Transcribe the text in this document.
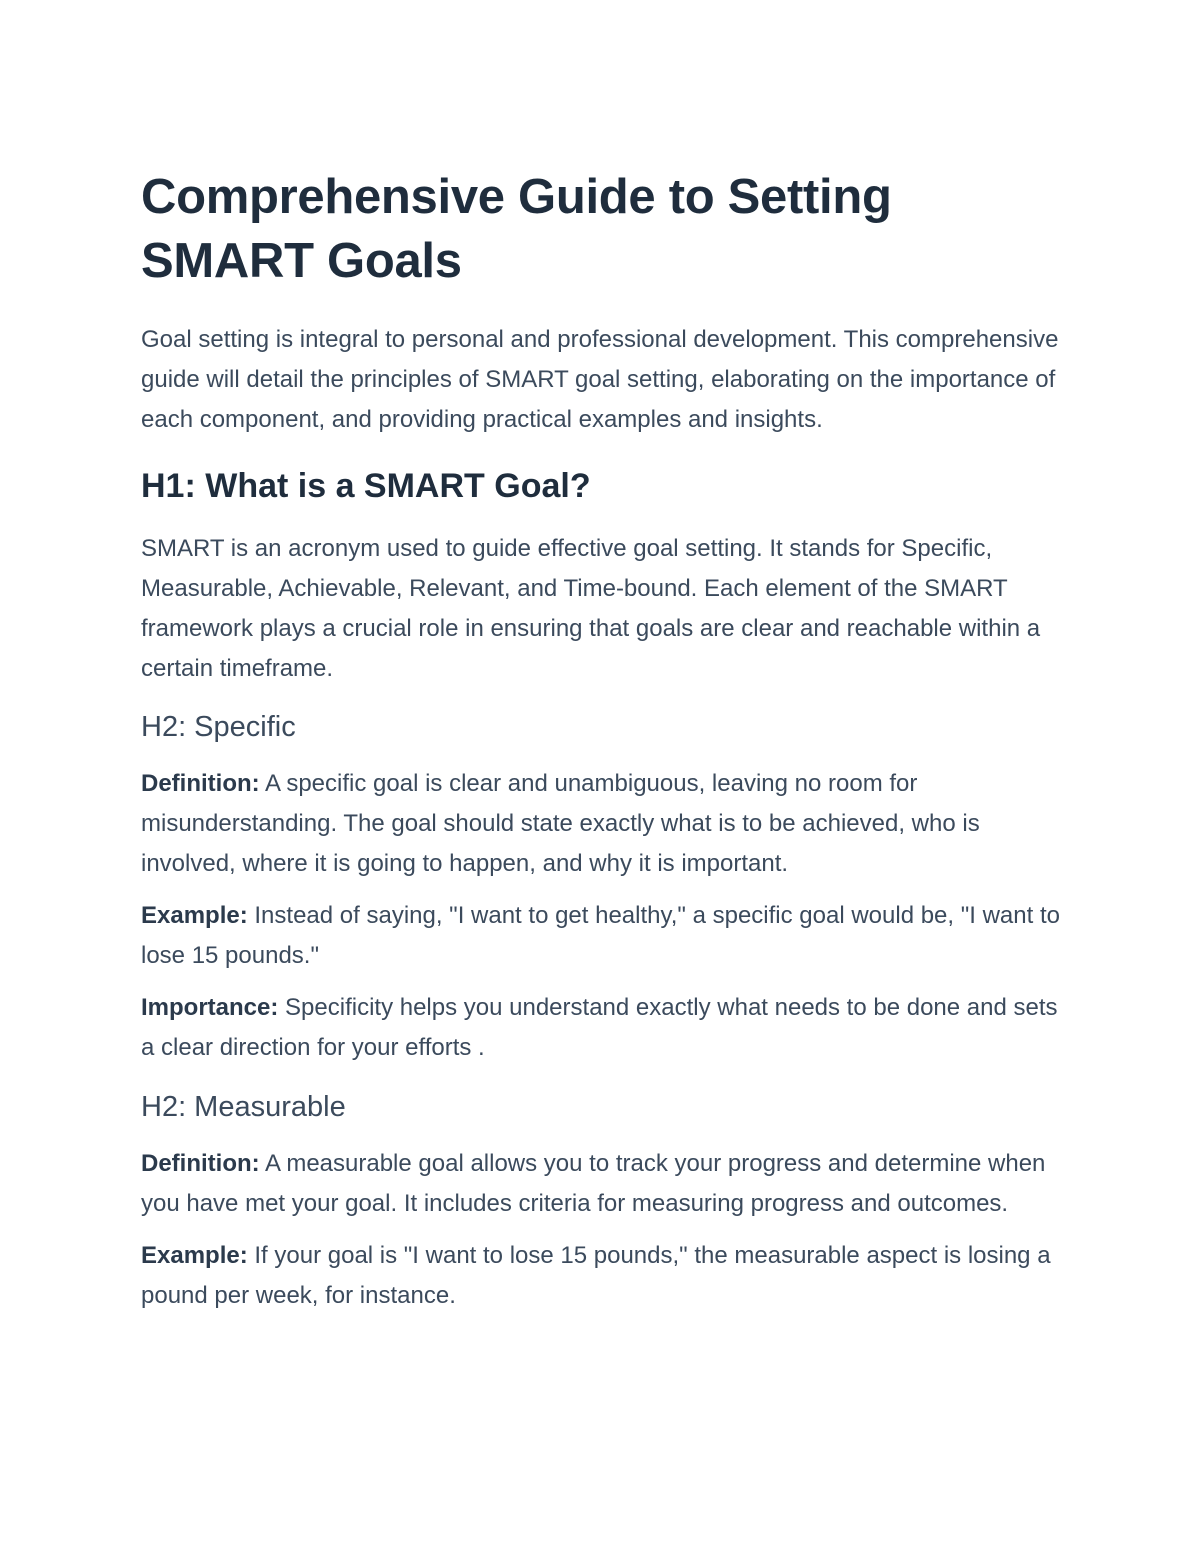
Comprehensive Guide to Setting SMART Goals

Goal setting is integral to personal and professional development. This comprehensive guide will detail the principles of SMART goal setting, elaborating on the importance of each component, and providing practical examples and insights.

H1: What is a SMART Goal?

SMART is an acronym used to guide effective goal setting. It stands for Specific, Measurable, Achievable, Relevant, and Time-bound. Each element of the SMART framework plays a crucial role in ensuring that goals are clear and reachable within a certain timeframe.

H2: Specific

Definition: A specific goal is clear and unambiguous, leaving no room for misunderstanding. The goal should state exactly what is to be achieved, who is involved, where it is going to happen, and why it is important.

Example: Instead of saying, "I want to get healthy," a specific goal would be, "I want to lose 15 pounds."

Importance: Specificity helps you understand exactly what needs to be done and sets a clear direction for your efforts .

H2: Measurable

Definition: A measurable goal allows you to track your progress and determine when you have met your goal. It includes criteria for measuring progress and outcomes.

Example: If your goal is "I want to lose 15 pounds," the measurable aspect is losing a pound per week, for instance.
